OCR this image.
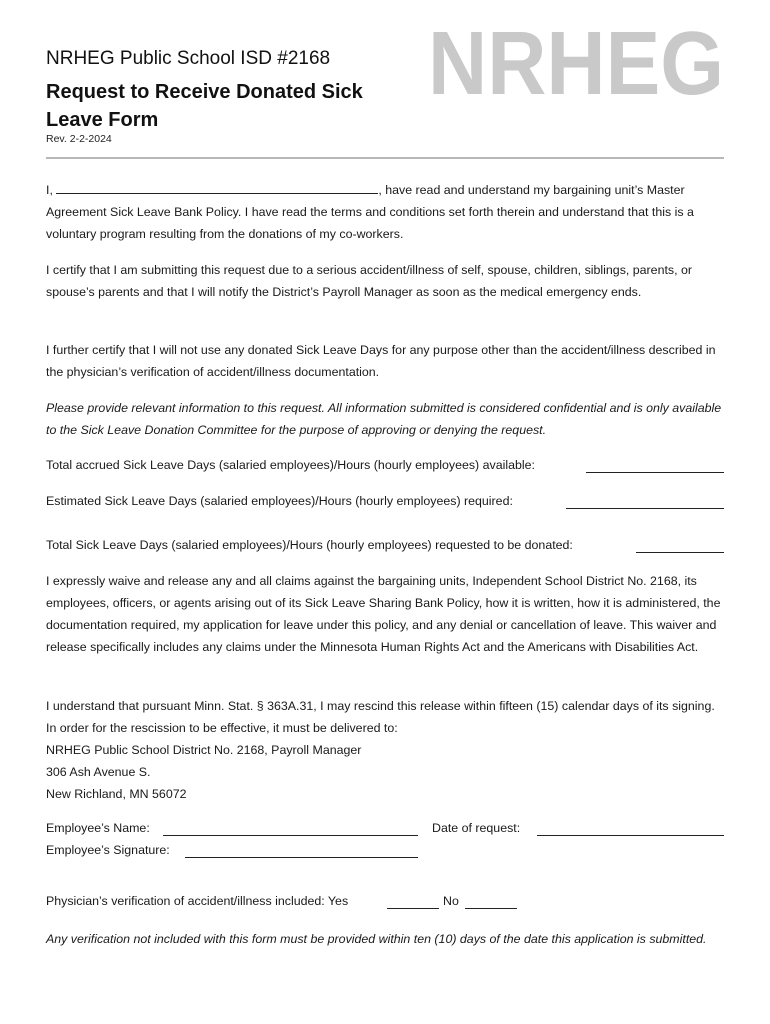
NRHEG Public School ISD #2168
Request to Receive Donated Sick Leave Form
Rev. 2-2-2024
NRHEG
I,	, have read and understand my bargaining unit’s Master Agreement Sick Leave Bank Policy. I have read the terms and conditions set forth therein and understand that this is a voluntary program resulting from the donations of my co-workers.
I certify that I am submitting this request due to a serious accident/illness of self, spouse, children, siblings, parents, or spouse’s parents and that I will notify the District’s Payroll Manager as soon as the medical emergency ends.
I further certify that I will not use any donated Sick Leave Days for any purpose other than the accident/illness described in the physician’s verification of accident/illness documentation.
Please provide relevant information to this request. All information submitted is considered confidential and is only available to the Sick Leave Donation Committee for the purpose of approving or denying the request.
Total accrued Sick Leave Days (salaried employees)/Hours (hourly employees) available:
Estimated Sick Leave Days (salaried employees)/Hours (hourly employees) required:
Total Sick Leave Days (salaried employees)/Hours (hourly employees) requested to be donated:
I expressly waive and release any and all claims against the bargaining units, Independent School District No. 2168, its employees, officers, or agents arising out of its Sick Leave Sharing Bank Policy, how it is written, how it is administered, the documentation required, my application for leave under this policy, and any denial or cancellation of leave. This waiver and release specifically includes any claims under the Minnesota Human Rights Act and the Americans with Disabilities Act.
I understand that pursuant Minn. Stat. § 363A.31, I may rescind this release within fifteen (15) calendar days of its signing. In order for the rescission to be effective, it must be delivered to:
NRHEG Public School District No. 2168, Payroll Manager
306 Ash Avenue S.
New Richland, MN 56072
Employee’s Name:	Date of request:
Employee’s Signature:
Physician’s verification of accident/illness included: Yes	No
Any verification not included with this form must be provided within ten (10) days of the date this application is submitted.
